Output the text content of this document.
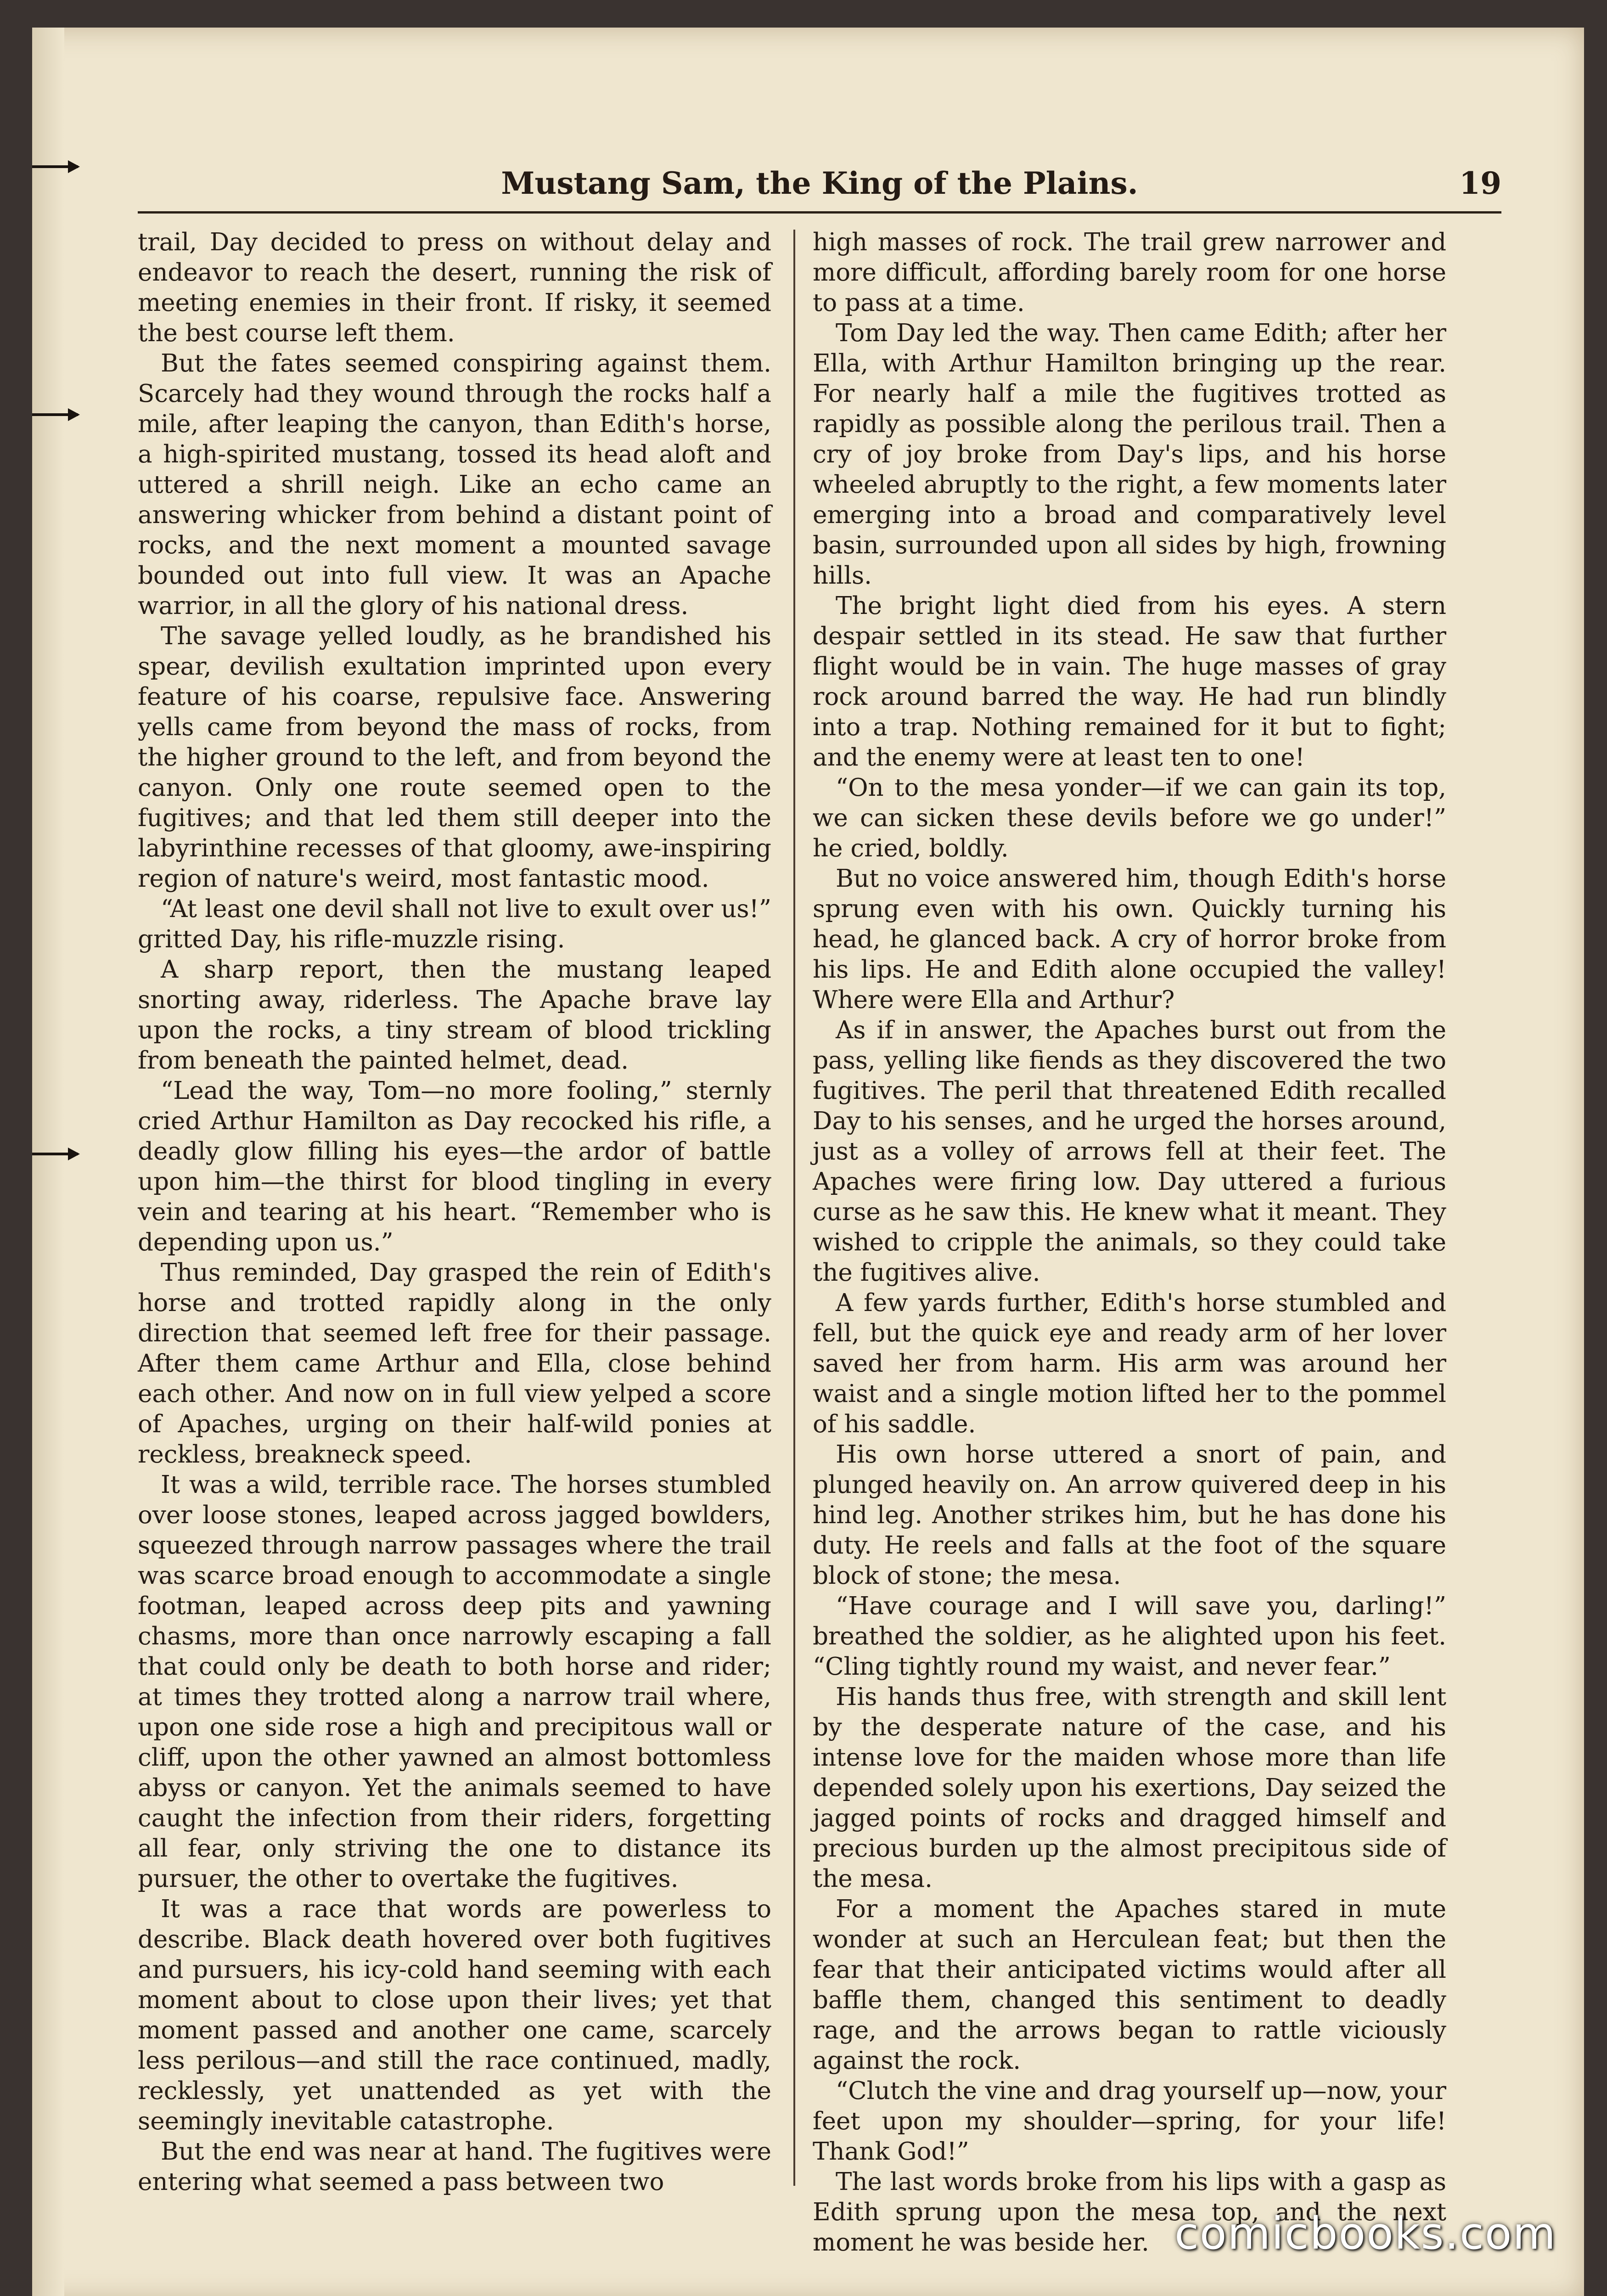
Mustang Sam, the King of the Plains.	19

trail, Day decided to press on without delay and endeavor to reach the desert, running the risk of meeting enemies in their front. If risky, it seemed the best course left them.

But the fates seemed conspiring against them. Scarcely had they wound through the rocks half a mile, after leaping the canyon, than Edith's horse, a high-spirited mustang, tossed its head aloft and uttered a shrill neigh. Like an echo came an answering whicker from behind a distant point of rocks, and the next moment a mounted savage bounded out into full view. It was an Apache warrior, in all the glory of his national dress.

The savage yelled loudly, as he brandished his spear, devilish exultation imprinted upon every feature of his coarse, repulsive face. Answering yells came from beyond the mass of rocks, from the higher ground to the left, and from beyond the canyon. Only one route seemed open to the fugitives; and that led them still deeper into the labyrinthine recesses of that gloomy, awe-inspiring region of nature's weird, most fantastic mood.

“At least one devil shall not live to exult over us!” gritted Day, his rifle-muzzle rising.

A sharp report, then the mustang leaped snorting away, riderless. The Apache brave lay upon the rocks, a tiny stream of blood trickling from beneath the painted helmet, dead.

“Lead the way, Tom—no more fooling,” sternly cried Arthur Hamilton as Day recocked his rifle, a deadly glow filling his eyes—the ardor of battle upon him—the thirst for blood tingling in every vein and tearing at his heart. “Remember who is depending upon us.”

Thus reminded, Day grasped the rein of Edith's horse and trotted rapidly along in the only direction that seemed left free for their passage. After them came Arthur and Ella, close behind each other. And now on in full view yelped a score of Apaches, urging on their half-wild ponies at reckless, breakneck speed.

It was a wild, terrible race. The horses stumbled over loose stones, leaped across jagged bowlders, squeezed through narrow passages where the trail was scarce broad enough to accommodate a single footman, leaped across deep pits and yawning chasms, more than once narrowly escaping a fall that could only be death to both horse and rider; at times they trotted along a narrow trail where, upon one side rose a high and precipitous wall or cliff, upon the other yawned an almost bottomless abyss or canyon. Yet the animals seemed to have caught the infection from their riders, forgetting all fear, only striving the one to distance its pursuer, the other to overtake the fugitives.

It was a race that words are powerless to describe. Black death hovered over both fugitives and pursuers, his icy-cold hand seeming with each moment about to close upon their lives; yet that moment passed and another one came, scarcely less perilous—and still the race continued, madly, recklessly, yet unattended as yet with the seemingly inevitable catastrophe.

But the end was near at hand. The fugitives were entering what seemed a pass between two

high masses of rock. The trail grew narrower and more difficult, affording barely room for one horse to pass at a time.

Tom Day led the way. Then came Edith; after her Ella, with Arthur Hamilton bringing up the rear. For nearly half a mile the fugitives trotted as rapidly as possible along the perilous trail. Then a cry of joy broke from Day's lips, and his horse wheeled abruptly to the right, a few moments later emerging into a broad and comparatively level basin, surrounded upon all sides by high, frowning hills.

The bright light died from his eyes. A stern despair settled in its stead. He saw that further flight would be in vain. The huge masses of gray rock around barred the way. He had run blindly into a trap. Nothing remained for it but to fight; and the enemy were at least ten to one!

“On to the mesa yonder—if we can gain its top, we can sicken these devils before we go under!” he cried, boldly.

But no voice answered him, though Edith's horse sprung even with his own. Quickly turning his head, he glanced back. A cry of horror broke from his lips. He and Edith alone occupied the valley! Where were Ella and Arthur?

As if in answer, the Apaches burst out from the pass, yelling like fiends as they discovered the two fugitives. The peril that threatened Edith recalled Day to his senses, and he urged the horses around, just as a volley of arrows fell at their feet. The Apaches were firing low. Day uttered a furious curse as he saw this. He knew what it meant. They wished to cripple the animals, so they could take the fugitives alive.

A few yards further, Edith's horse stumbled and fell, but the quick eye and ready arm of her lover saved her from harm. His arm was around her waist and a single motion lifted her to the pommel of his saddle.

His own horse uttered a snort of pain, and plunged heavily on. An arrow quivered deep in his hind leg. Another strikes him, but he has done his duty. He reels and falls at the foot of the square block of stone; the mesa.

“Have courage and I will save you, darling!” breathed the soldier, as he alighted upon his feet. “Cling tightly round my waist, and never fear.”

His hands thus free, with strength and skill lent by the desperate nature of the case, and his intense love for the maiden whose more than life depended solely upon his exertions, Day seized the jagged points of rocks and dragged himself and precious burden up the almost precipitous side of the mesa.

For a moment the Apaches stared in mute wonder at such an Herculean feat; but then the fear that their anticipated victims would after all baffle them, changed this sentiment to deadly rage, and the arrows began to rattle viciously against the rock.

“Clutch the vine and drag yourself up—now, your feet upon my shoulder—spring, for your life! Thank God!”

The last words broke from his lips with a gasp as Edith sprung upon the mesa top, and the next moment he was beside her. comicbooks.com
